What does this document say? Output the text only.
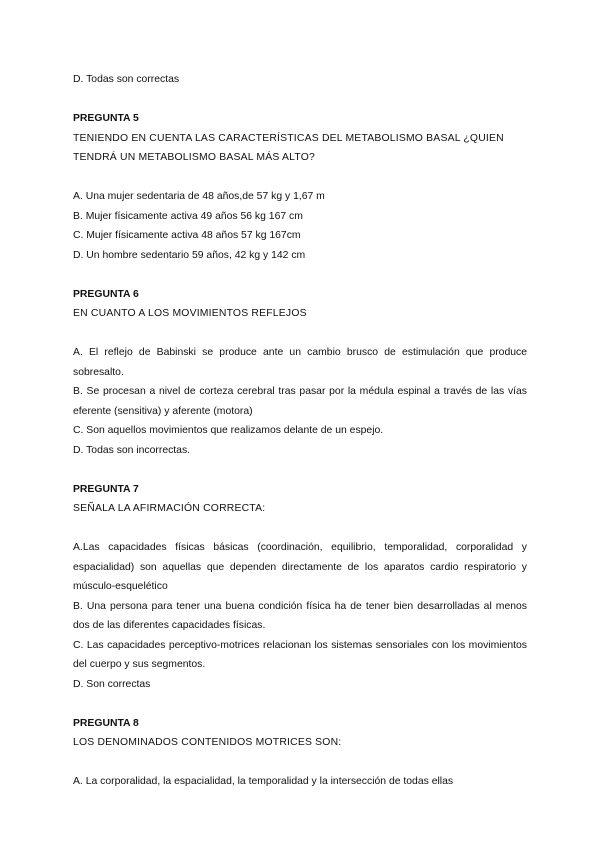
D. Todas son correctas

PREGUNTA 5

TENIENDO EN CUENTA LAS CARACTERÍSTICAS DEL METABOLISMO BASAL ¿QUIEN

TENDRÁ UN METABOLISMO BASAL MÁS ALTO?

A. Una mujer sedentaria de 48 años,de 57 kg y 1,67 m

B. Mujer físicamente activa 49 años 56 kg 167 cm

C. Mujer físicamente activa 48 años 57 kg 167cm

D. Un hombre sedentario 59 años, 42 kg y 142 cm

PREGUNTA 6

EN CUANTO A LOS MOVIMIENTOS REFLEJOS

A. El reflejo de Babinski se produce ante un cambio brusco de estimulación que produce sobresalto.

B. Se procesan a nivel de corteza cerebral tras pasar por la médula espinal a través de las vías eferente (sensitiva) y aferente (motora)

C. Son aquellos movimientos que realizamos delante de un espejo.

D. Todas son incorrectas.

PREGUNTA 7

SEÑALA LA AFIRMACIÓN CORRECTA:

A.Las capacidades físicas básicas (coordinación, equilibrio, temporalidad, corporalidad y espacialidad) son aquellas que dependen directamente de los aparatos cardio respiratorio y músculo-esquelético

B. Una persona para tener una buena condición física ha de tener bien desarrolladas al menos dos de las diferentes capacidades físicas.

C. Las capacidades perceptivo-motrices relacionan los sistemas sensoriales con los movimientos del cuerpo y sus segmentos.

D. Son correctas

PREGUNTA 8

LOS DENOMINADOS CONTENIDOS MOTRICES SON:

A. La corporalidad, la espacialidad, la temporalidad y la intersección de todas ellas
